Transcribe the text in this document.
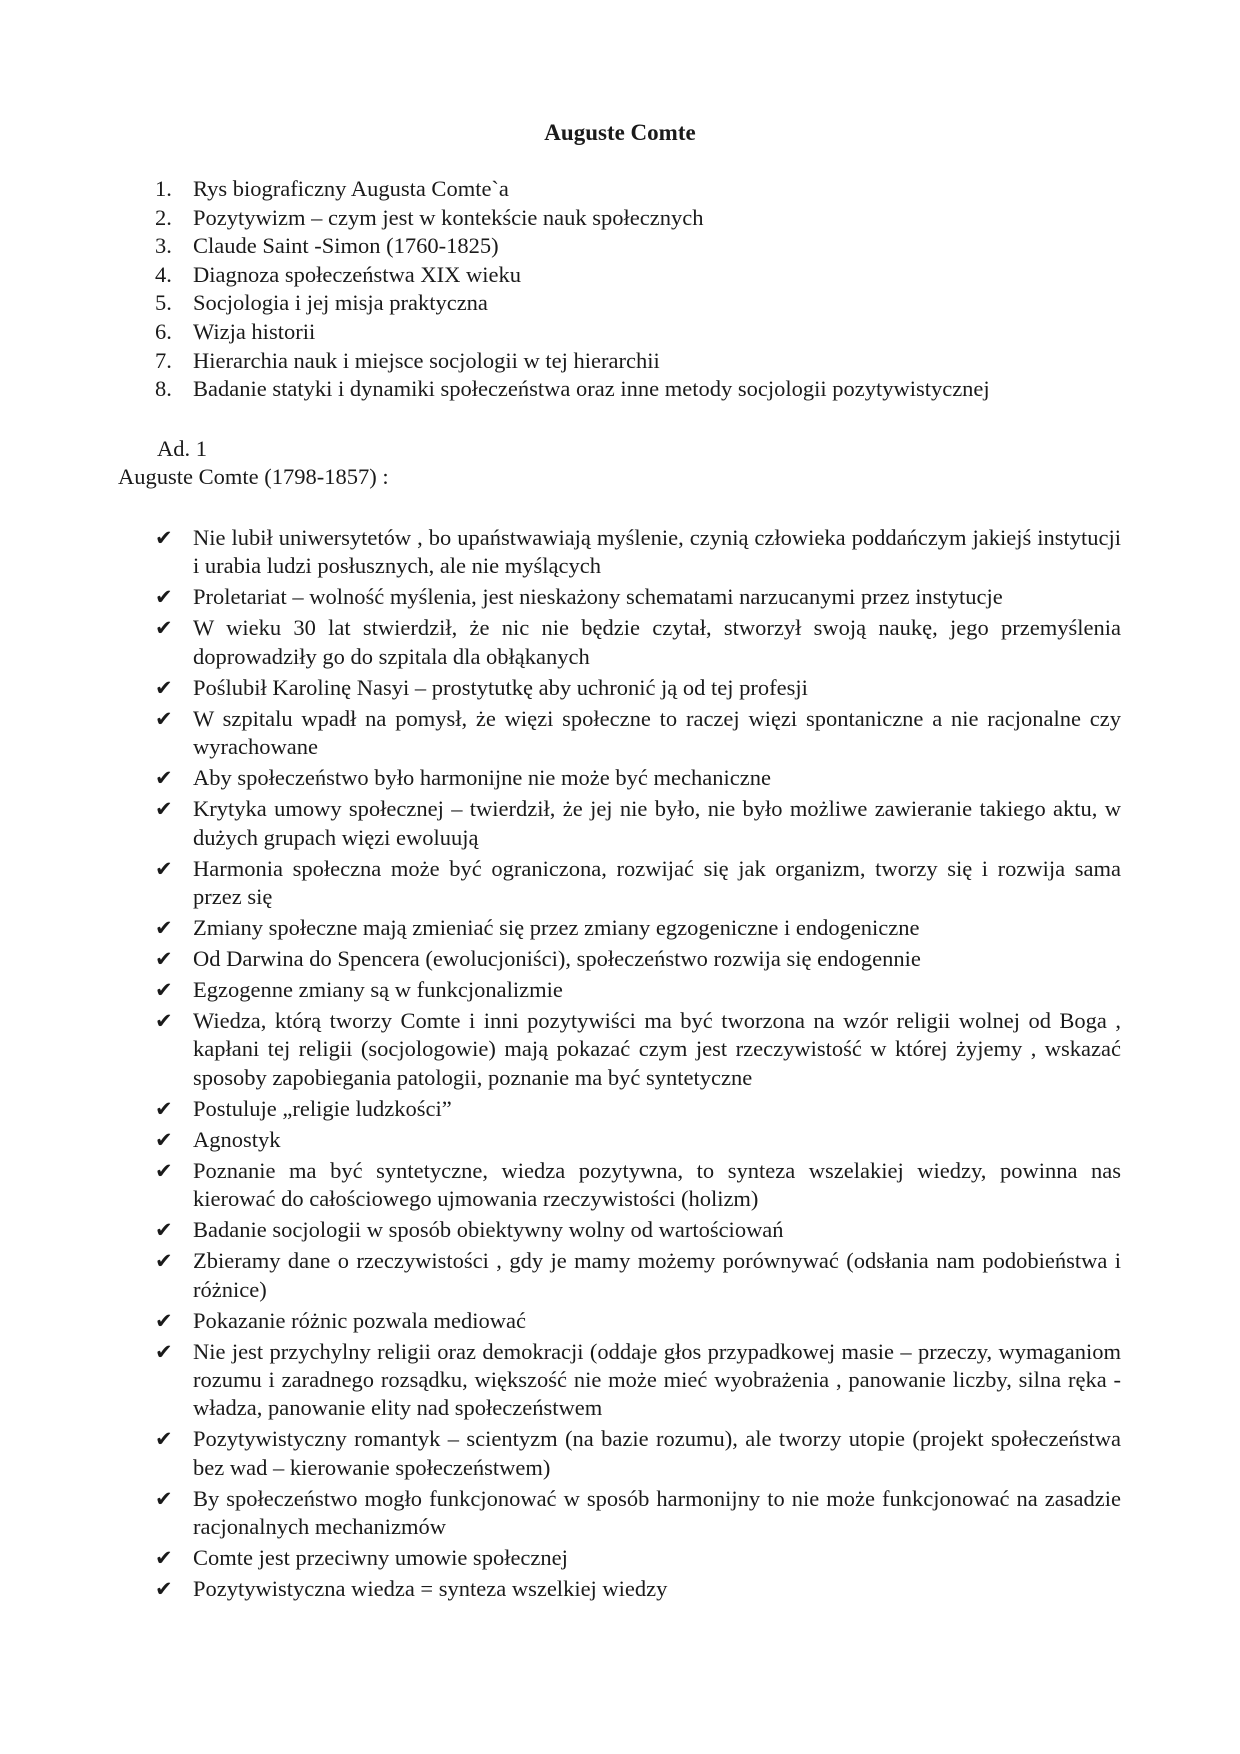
Auguste Comte
1. Rys biograficzny Augusta Comte`a
2. Pozytywizm – czym jest w kontekście nauk społecznych
3. Claude Saint -Simon (1760-1825)
4. Diagnoza społeczeństwa XIX wieku
5. Socjologia i jej misja praktyczna
6. Wizja historii
7. Hierarchia nauk i miejsce socjologii w tej hierarchii
8. Badanie statyki i dynamiki społeczeństwa oraz inne metody socjologii pozytywistycznej

Ad. 1

Auguste Comte (1798-1857) :

✔ Nie lubił uniwersytetów , bo upaństwawiają myślenie, czynią człowieka poddańczym jakiejś instytucji i urabia ludzi posłusznych, ale nie myślących
✔ Proletariat – wolność myślenia, jest nieskażony schematami narzucanymi przez instytucje
✔ W wieku 30 lat stwierdził, że nic nie będzie czytał, stworzył swoją naukę, jego przemyślenia doprowadziły go do szpitala dla obłąkanych
✔ Poślubił Karolinę Nasyi – prostytutkę aby uchronić ją od tej profesji
✔ W szpitalu wpadł na pomysł, że więzi społeczne to raczej więzi spontaniczne a nie racjonalne czy wyrachowane
✔ Aby społeczeństwo było harmonijne nie może być mechaniczne
✔ Krytyka umowy społecznej – twierdził, że jej nie było, nie było możliwe zawieranie takiego aktu, w dużych grupach więzi ewoluują
✔ Harmonia społeczna może być ograniczona, rozwijać się jak organizm, tworzy się i rozwija sama przez się
✔ Zmiany społeczne mają zmieniać się przez zmiany egzogeniczne i endogeniczne
✔ Od Darwina do Spencera (ewolucjoniści), społeczeństwo rozwija się endogennie
✔ Egzogenne zmiany są w funkcjonalizmie
✔ Wiedza, którą tworzy Comte i inni pozytywiści ma być tworzona na wzór religii wolnej od Boga , kapłani tej religii (socjologowie) mają pokazać czym jest rzeczywistość w której żyjemy , wskazać sposoby zapobiegania patologii, poznanie ma być syntetyczne
✔ Postuluje „religie ludzkości”
✔ Agnostyk
✔ Poznanie ma być syntetyczne, wiedza pozytywna, to synteza wszelakiej wiedzy, powinna nas kierować do całościowego ujmowania rzeczywistości (holizm)
✔ Badanie socjologii w sposób obiektywny wolny od wartościowań
✔ Zbieramy dane o rzeczywistości , gdy je mamy możemy porównywać (odsłania nam podobieństwa i różnice)
✔ Pokazanie różnic pozwala mediować
✔ Nie jest przychylny religii oraz demokracji (oddaje głos przypadkowej masie – przeczy, wymaganiom rozumu i zaradnego rozsądku, większość nie może mieć wyobrażenia , panowanie liczby, silna ręka - władza, panowanie elity nad społeczeństwem
✔ Pozytywistyczny romantyk – scientyzm (na bazie rozumu), ale tworzy utopie (projekt społeczeństwa bez wad – kierowanie społeczeństwem)
✔ By społeczeństwo mogło funkcjonować w sposób harmonijny to nie może funkcjonować na zasadzie racjonalnych mechanizmów
✔ Comte jest przeciwny umowie społecznej
✔ Pozytywistyczna wiedza = synteza wszelkiej wiedzy
